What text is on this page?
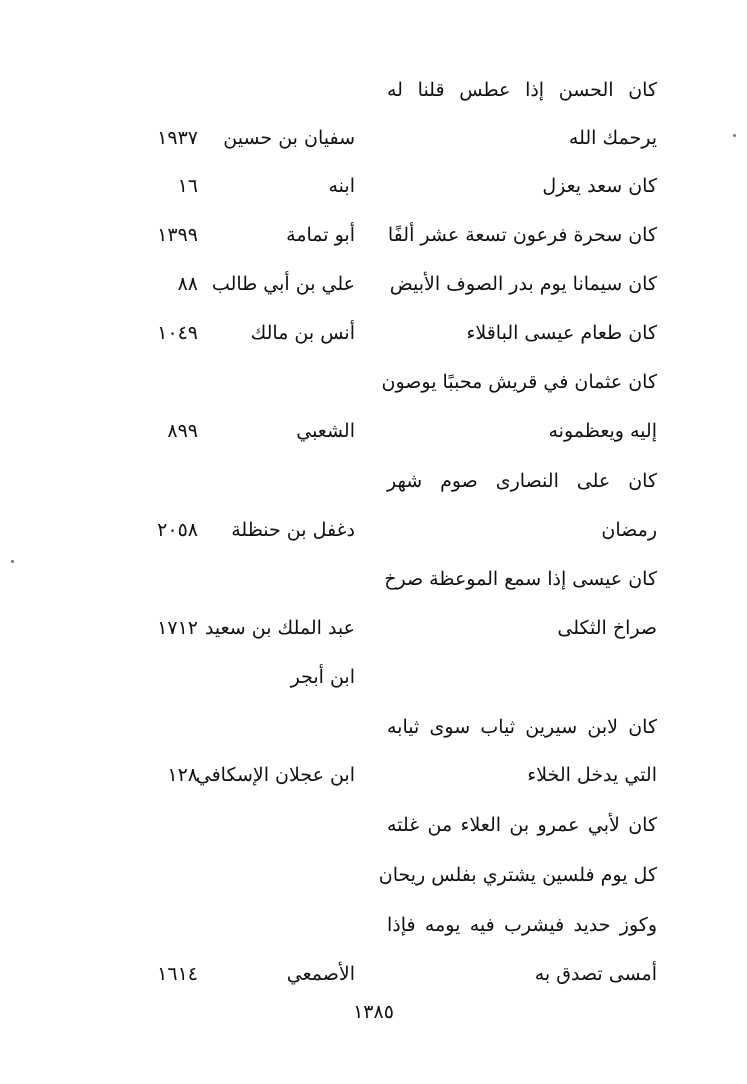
كان الحسن إذا عطس قلنا له
يرحمك الله
سفيان بن حسين
١٩٣٧
كان سعد يعزل
ابنه
١٦
كان سحرة فرعون تسعة عشر ألفًا
أبو تمامة
١٣٩٩
كان سيمانا يوم بدر الصوف الأبيض
علي بن أبي طالب
٨٨
كان طعام عيسى الباقلاء
أنس بن مالك
١٠٤٩
كان عثمان في قريش محببًا يوصون
إليه ويعظمونه
الشعبي
٨٩٩
كان على النصارى صوم شهر
رمضان
دغفل بن حنظلة
٢٠٥٨
كان عيسى إذا سمع الموعظة صرخ
صراخ الثكلى
عبد الملك بن سعيد
١٧١٢
ابن أبجر
كان لابن سيرين ثياب سوى ثيابه
التي يدخل الخلاء
ابن عجلان الإسكافي
١٢٨
كان لأبي عمرو بن العلاء من غلته
كل يوم فلسين يشتري بفلس ريحان
وكوز حديد فيشرب فيه يومه فإذا
أمسى تصدق به
الأصمعي
١٦١٤
١٣٨٥
